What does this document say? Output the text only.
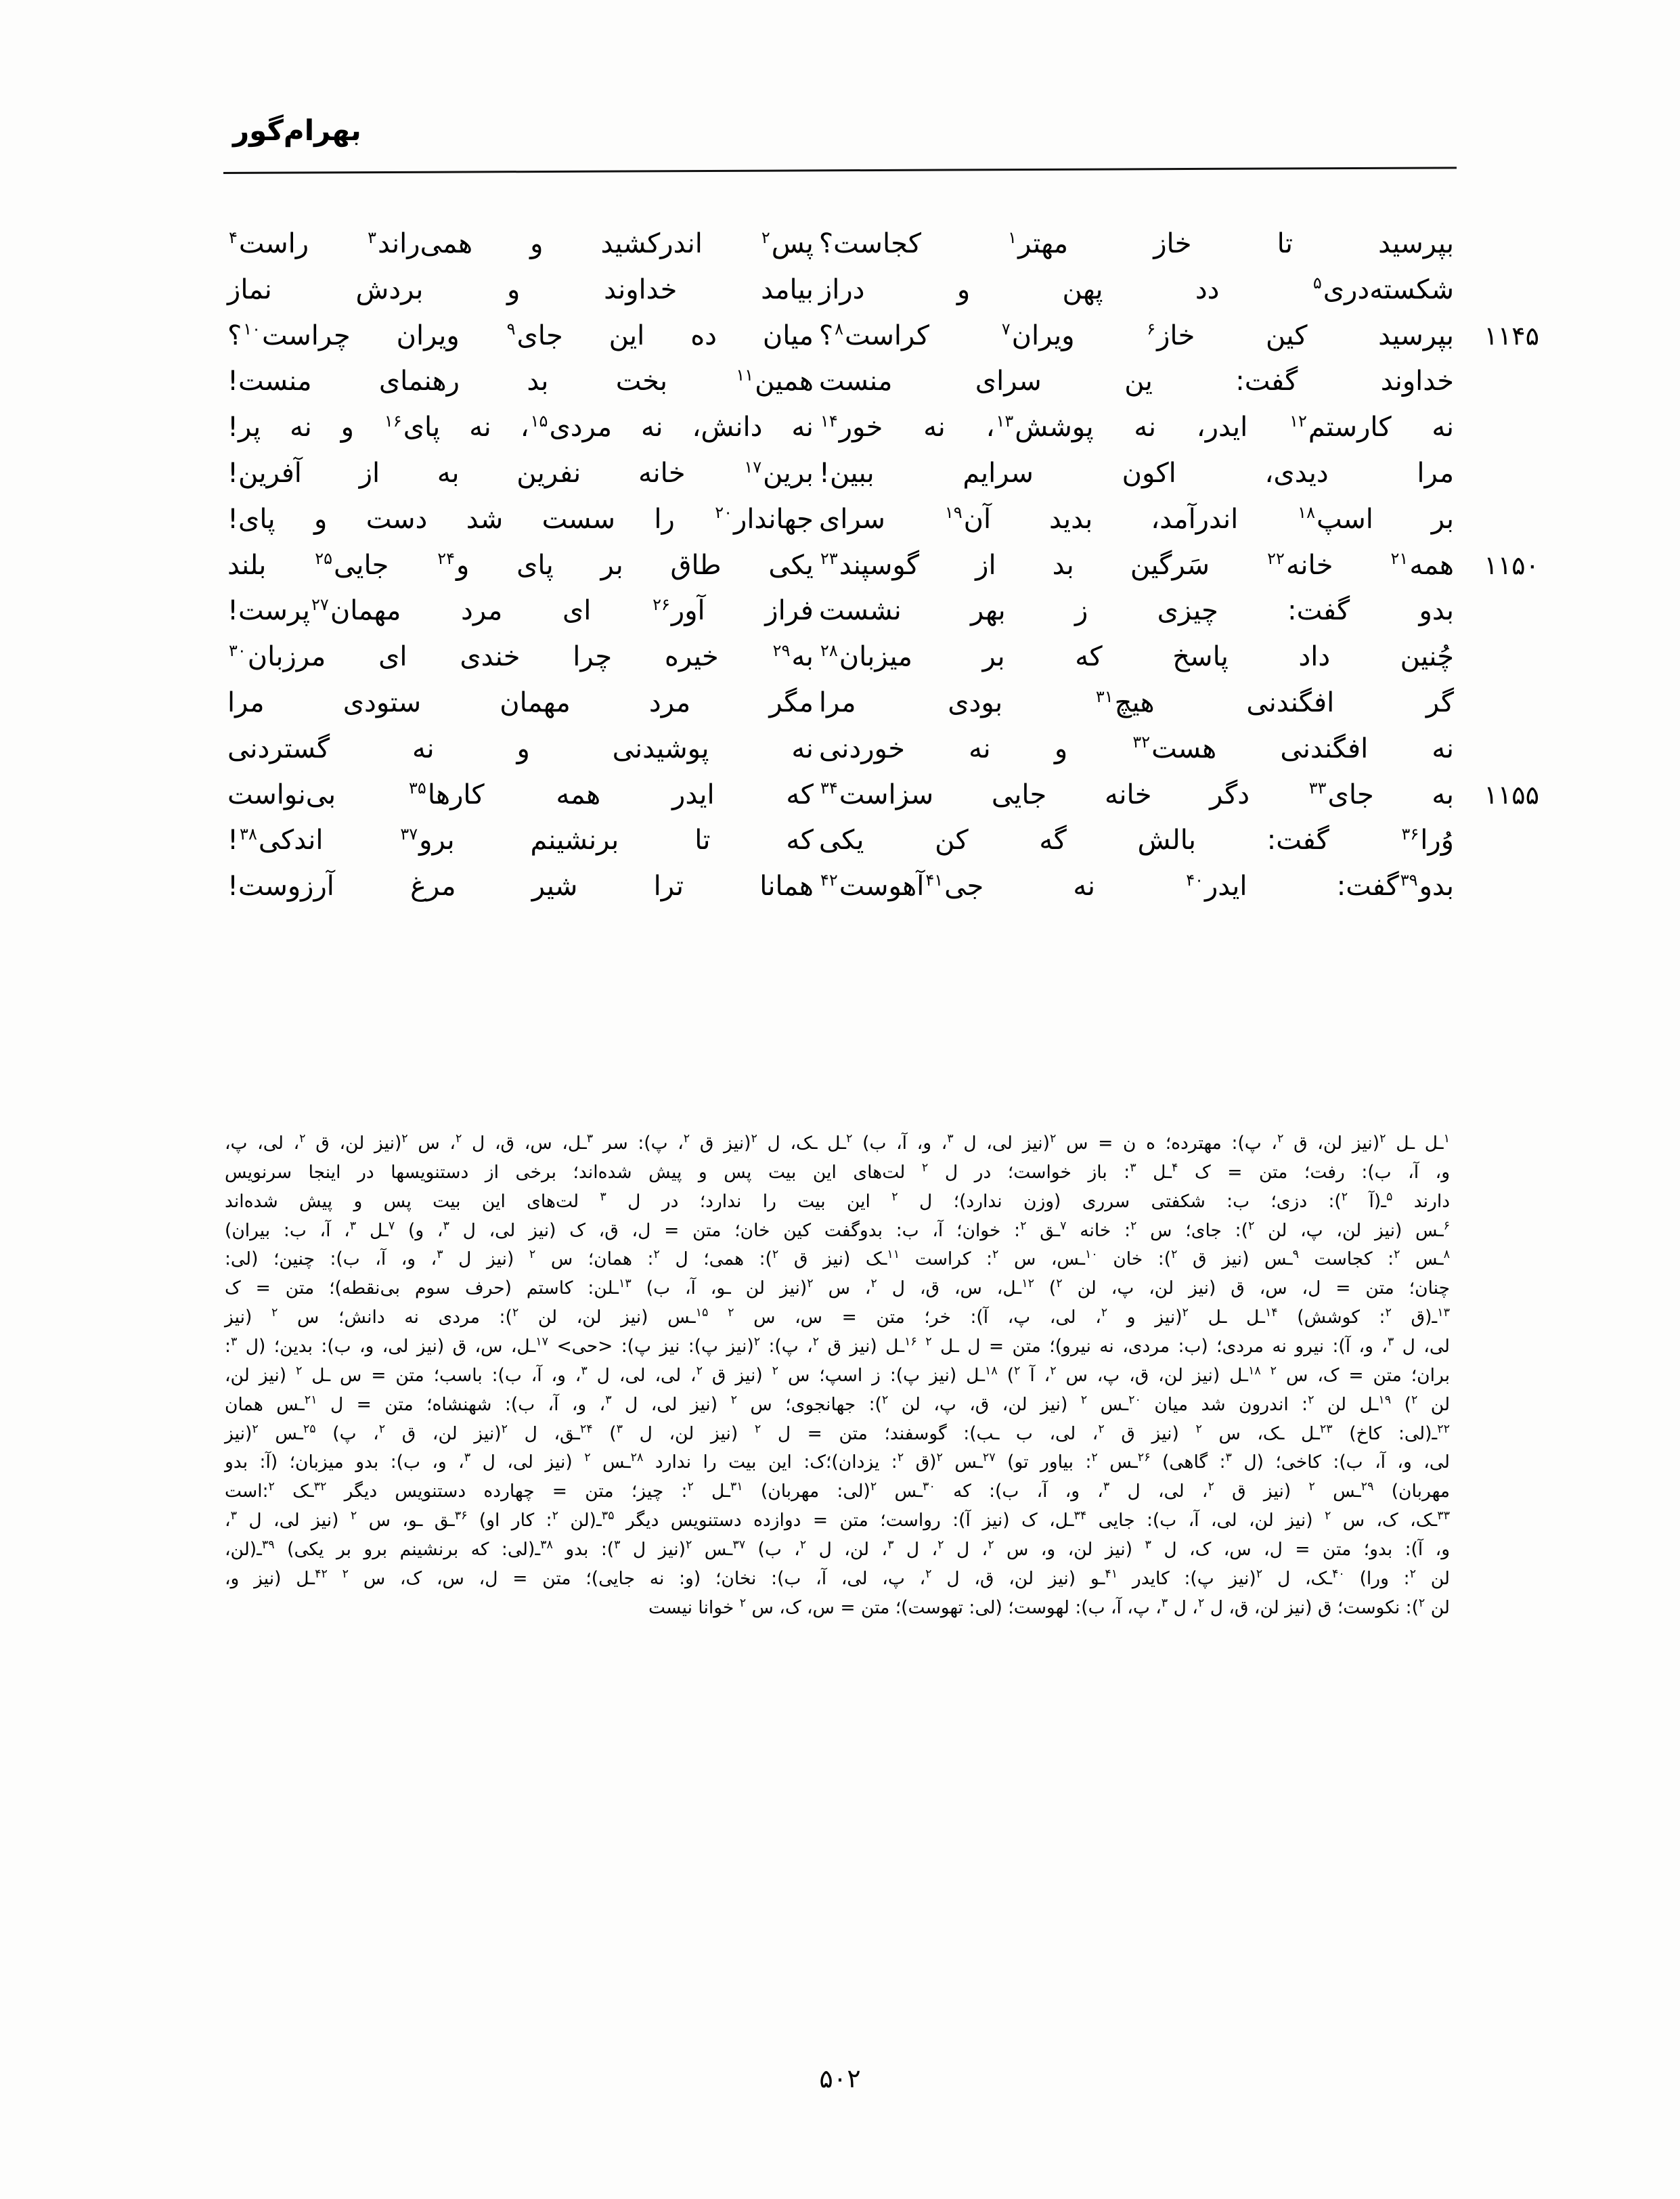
بهرام‌گور
بپرسید تا خاز مهتر$^۱$ کجاست؟
پس$^۲$ اندرکشید و همی‌راند$^۳$ راست$^۴$
شکسته‌دری$^۵$ دد پهن و دراز
بیامد خداوند و بردش نماز
۱۱۴۵
بپرسید کین خاز$^۶$ ویران$^۷$ کراست$^۸$؟
میان ده این جای$^۹$ ویران چراست$^{۱۰}$؟
خداوند گفت: ین سرای منست
همین$^{۱۱}$ بخت بد رهنمای منست!
نه کارستم$^{۱۲}$ ایدر، نه پوشش$^{۱۳}$، نه خور$^{۱۴}$
نه دانش، نه مردی$^{۱۵}$، نه پای$^{۱۶}$ و نه پر!
مرا دیدی، اکون سرایم ببین!
برین$^{۱۷}$ خانه نفرین به از آفرین!
بر اسپ$^{۱۸}$ اندرآمد، بدید آن$^{۱۹}$ سرای
جهاندار$^{۲۰}$ را سست شد دست و پای!
۱۱۵۰
همه$^{۲۱}$ خانه$^{۲۲}$ سَرگین بد از گوسپند$^{۲۳}$
یکی طاق بر پای و$^{۲۴}$ جایی$^{۲۵}$ بلند
بدو گفت: چیزی ز بهر نشست
فراز آور$^{۲۶}$ ای مرد مهمان$^{۲۷}$پرست!
چُنین داد پاسخ که بر میزبان$^{۲۸}$
به$^{۲۹}$ خیره چرا خندی ای مرزبان$^{۳۰}$
گر افگندنی هیچ$^{۳۱}$ بودی مرا
مگر مرد مهمان ستودی مرا
نه افگندنی هست$^{۳۲}$ و نه خوردنی
نه پوشیدنی و نه گستردنی
۱۱۵۵
به جای$^{۳۳}$ دگر خانه جایی سزاست$^{۳۴}$
که ایدر همه کارها$^{۳۵}$ بی‌نواست
وُرا$^{۳۶}$ گفت: بالش گه کن یکی
که تا برنشینم برو$^{۳۷}$ اندکی$^{۳۸}$!
بدو$^{۳۹}$گفت: ایدر$^{۴۰}$ نه جی$^{۴۱}$آهوست$^{۴۲}$
همانا ترا شیر مرغ آرزوست!
$^۱$ـل ـل $^۲$(نیز لن، ق $^۲$، پ): مهترده؛ ه ن = س $^۲$(نیز لی، ل $^۳$، و، آ، ب) $^۲$ـل ـک، ل $^۲$(نیز ق $^۲$، پ): سر $^۳$ـل، س، ق، ل $^۲$، س $^۲$(نیز لن، ق $^۲$، لی، پ،
و، آ، ب): رفت؛ متن = ک $^۴$ـل $^۳$: باز خواست؛ در ل $^۲$ لت‌های این بیت پس و پیش شده‌اند؛ برخی از دستنویسها در اینجا سرنویس
دارند $^۵$ـ(آ $^۲$): دزی؛ ب: شکفتی سرری (وزن ندارد)؛ ل $^۲$ این بیت را ندارد؛ در ل $^۳$ لت‌های این بیت پس و پیش شده‌اند
$^۶$ـس (نیز لن، پ، لن $^۲$): جای؛ س $^۲$: خانه $^۷$ـق $^۲$: خوان؛ آ، ب: بدوگفت کین خان؛ متن = ل، ق، ک (نیز لی، ل $^۳$، و) $^۷$ـل $^۳$، آ، ب: بیران)
$^۸$ـس $^۲$: کجاست $^۹$ـس (نیز ق $^۲$): خان $^{۱۰}$ـس، س $^۲$: کراست $^{۱۱}$ـک (نیز ق $^۲$): همی؛ ل $^۲$: همان؛ س $^۲$ (نیز ل $^۳$، و، آ، ب): چنین؛ (لی:
چنان؛ متن = ل، س، ق (نیز لن، پ، لن $^۲$) $^{۱۲}$ـل، س، ق، ل $^۲$، س $^۲$(نیز لن ـو، آ، ب) $^{۱۳}$ـلن: کاستم (حرف سوم بی‌نقطه)؛ متن = ک
$^{۱۳}$ـ(ق $^۲$: کوشش) $^{۱۴}$ـل ـل $^۲$(نیز و $^۲$، لی، پ، آ): خر؛ متن = س، س $^۲$ $^{۱۵}$ـس (نیز لن، لن $^۲$): مردی نه دانش؛ س $^۲$ (نیز
لی، ل $^۳$، و، آ): نیرو نه مردی؛ (ب: مردی، نه نیرو)؛ متن = ل ـل $^۲$ $^{۱۶}$ـل (نیز ق $^۲$، پ): $^۲$(نیز پ): نیز پ): <حی> $^{۱۷}$ـل، س، ق (نیز لی، و، ب): بدین؛ (ل $^۳$:
بران؛ متن = ک، س $^۲$ $^{۱۸}$ـل (نیز لن، ق، پ، س $^۲$، آ $^۲$) $^{۱۸}$ـل (نیز پ): ز اسپ؛ س $^۲$ (نیز ق $^۲$، لی، لی، ل $^۳$، و، آ، ب): باسب؛ متن = س ـل $^۲$ (نیز لن،
لن $^۲$) $^{۱۹}$ـل لن $^۲$: اندرون شد میان $^{۲۰}$ـس $^۲$ (نیز لن، ق، پ، لن $^۲$): جهانجوی؛ س $^۲$ (نیز لی، ل $^۳$، و، آ، ب): شهنشاه؛ متن = ل $^{۲۱}$ـس همان
$^{۲۲}$ـ(لی: کاخ) $^{۲۳}$ـل ـک، س $^۲$ (نیز ق $^۲$، لی، ب ـب): گوسفند؛ متن = ل $^۲$ (نیز لن، ل $^۳$) $^{۲۴}$ـق، ل $^۲$(نیز لن، ق $^۲$، پ) $^{۲۵}$ـس $^۲$(نیز
لی، و، آ، ب): کاخی؛ (ل $^۳$: گاهی) $^{۲۶}$ـس $^۲$: بیاور تو) $^{۲۷}$ـس $^۲$(ق $^۲$: یزدان)؛ک: این بیت را ندارد $^{۲۸}$ـس $^۲$ (نیز لی، ل $^۳$، و، ب): بدو میزبان؛ (آ: بدو
مهربان) $^{۲۹}$ـس $^۲$ (نیز ق $^۲$، لی، ل $^۳$، و، آ، ب): که $^{۳۰}$ـس $^۲$(لی: مهربان) $^{۳۱}$ـل $^۲$: چیز؛ متن = چهارده دستنویس دیگر $^{۳۲}$ـک $^۲$:است
$^{۳۳}$ـک، ک، س $^۲$ (نیز لن، لی، آ، ب): جایی $^{۳۴}$ـل، ک (نیز آ): رواست؛ متن = دوازده دستنویس دیگر $^{۳۵}$ـ(لن $^۲$: کار او) $^{۳۶}$ـق ـو، س $^۲$ (نیز لی، ل $^۳$،
و، آ): بدو؛ متن = ل، س، ک، ل $^۳$ (نیز لن، و، س $^۲$، ل $^۲$، ل $^۳$، لن، ل $^۲$، ب) $^{۳۷}$ـس $^۲$(نیز ل $^۳$): بدو $^{۳۸}$ـ(لی: که برنشینم برو بر یکی) $^{۳۹}$ـ(لن،
لن $^۲$: ورا) $^{۴۰}$ـک، ل $^۲$(نیز پ): کایدر $^{۴۱}$ـو (نیز لن، ق، ل $^۲$، پ، لی، آ، ب): نخان؛ (و: نه جایی)؛ متن = ل، س، ک، س $^۲$ $^{۴۲}$ـل (نیز و،
لن $^۲$): نکوست؛ ق (نیز لن، ق، ل $^۲$، ل $^۳$، پ، آ، ب): لهوست؛ (لی: تهوست)؛ متن = س، ک، س $^۲$ خوانا نیست
۵۰۲
